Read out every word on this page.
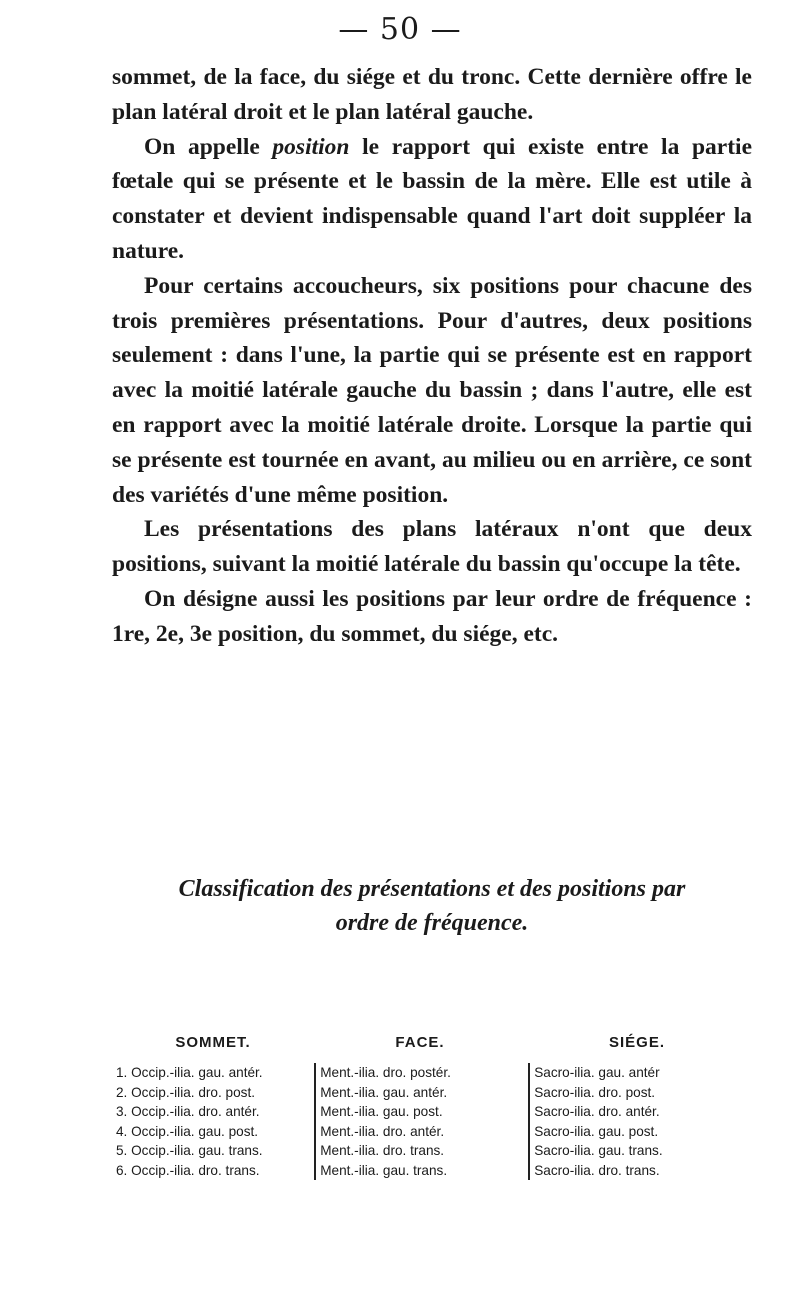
— 50 —

sommet, de la face, du siége et du tronc. Cette dernière offre le plan latéral droit et le plan latéral gauche.

On appelle position le rapport qui existe entre la partie fœtale qui se présente et le bassin de la mère. Elle est utile à constater et devient indispensable quand l'art doit suppléer la nature.

Pour certains accoucheurs, six positions pour chacune des trois premières présentations. Pour d'autres, deux positions seulement : dans l'une, la partie qui se présente est en rapport avec la moitié latérale gauche du bassin ; dans l'autre, elle est en rapport avec la moitié latérale droite. Lorsque la partie qui se présente est tournée en avant, au milieu ou en arrière, ce sont des variétés d'une même position.

Les présentations des plans latéraux n'ont que deux positions, suivant la moitié latérale du bassin qu'occupe la tête.

On désigne aussi les positions par leur ordre de fréquence : 1re, 2e, 3e position, du sommet, du siége, etc.

Classification des présentations et des positions par
ordre de fréquence.
SOMMET.	FACE.	SIÉGE.
1. Occip.-ilia. gau. antér.
2. Occip.-ilia. dro. post.
3. Occip.-ilia. dro. antér.
4. Occip.-ilia. gau. post.
5. Occip.-ilia. gau. trans.
6. Occip.-ilia. dro. trans.
Ment.-ilia. dro. postér.
Ment.-ilia. gau. antér.
Ment.-ilia. gau. post.
Ment.-ilia. dro. antér.
Ment.-ilia. dro. trans.
Ment.-ilia. gau. trans.
Sacro-ilia. gau. antér
Sacro-ilia. dro. post.
Sacro-ilia. dro. antér.
Sacro-ilia. gau. post.
Sacro-ilia. gau. trans.
Sacro-ilia. dro. trans.
